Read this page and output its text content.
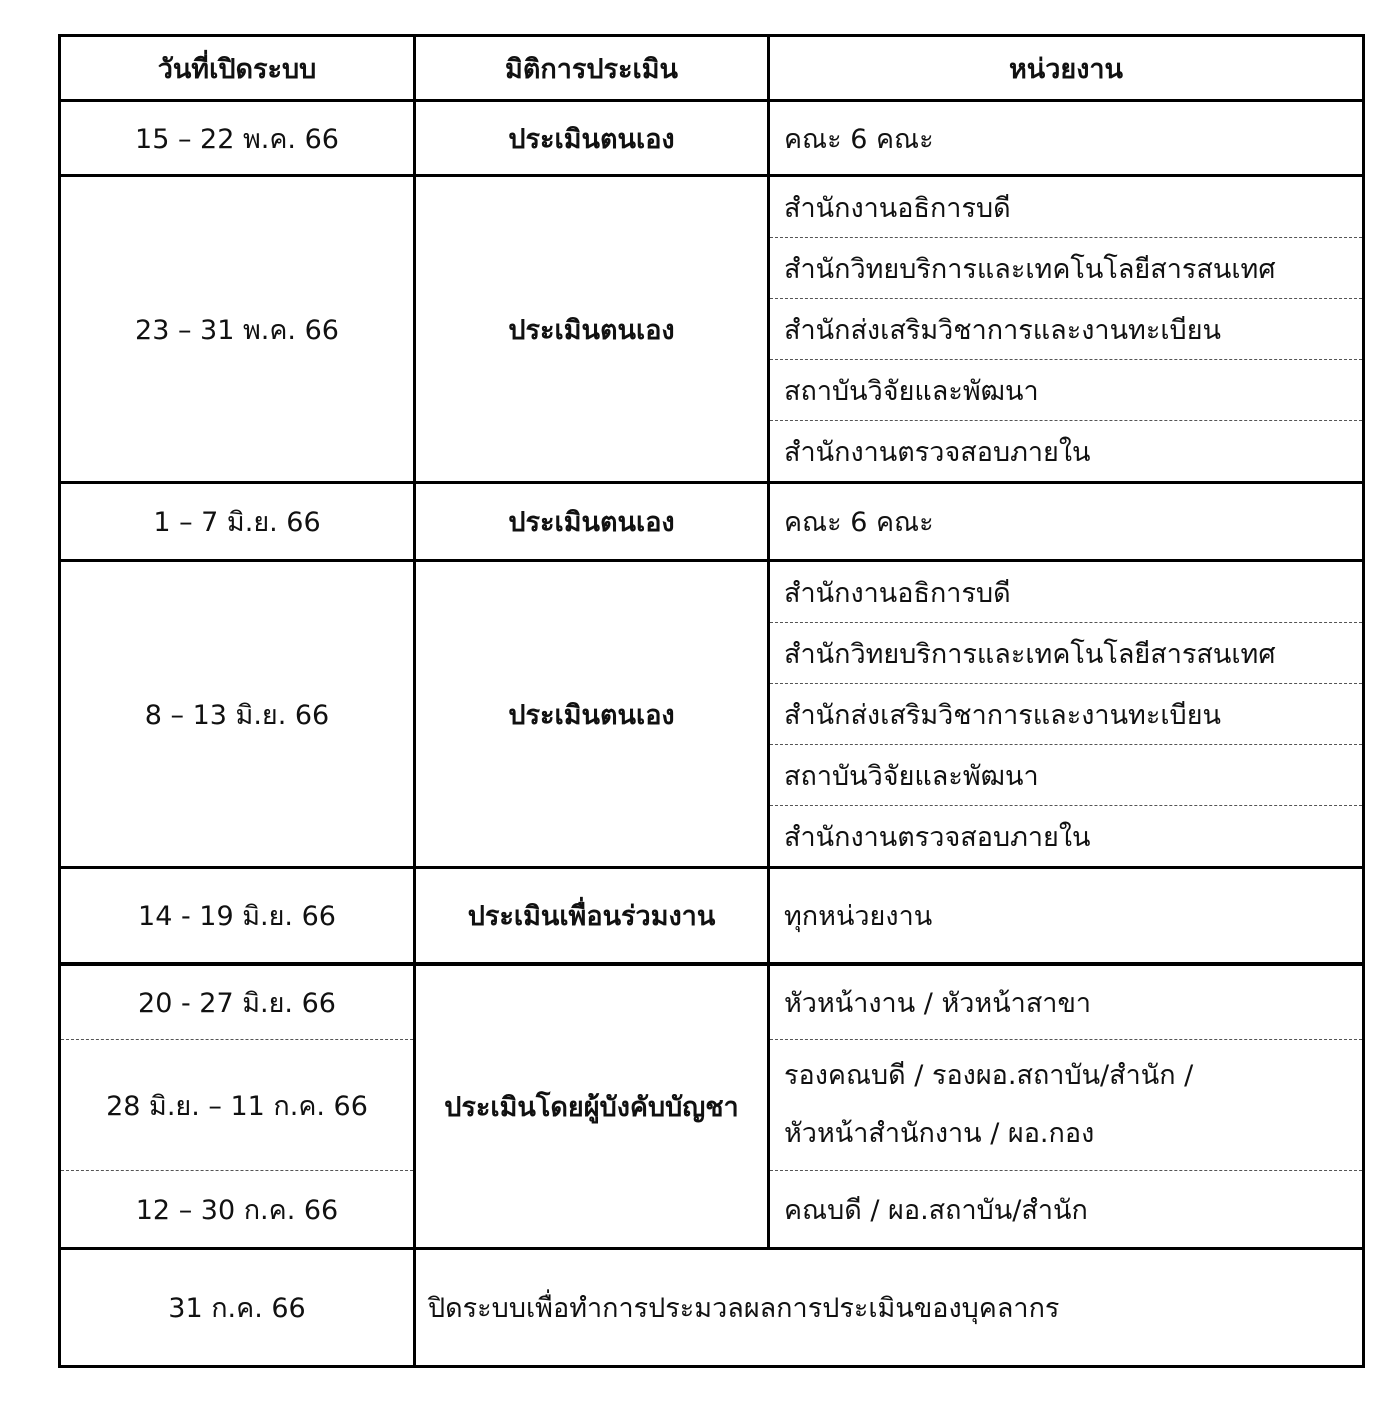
วันที่เปิดระบบ	มิติการประเมิน	หน่วยงาน
15 – 22 พ.ค. 66	ประเมินตนเอง	คณะ 6 คณะ
23 – 31 พ.ค. 66	ประเมินตนเอง	สำนักงานอธิการบดี
สำนักวิทยบริการและเทคโนโลยีสารสนเทศ
สำนักส่งเสริมวิชาการและงานทะเบียน
สถาบันวิจัยและพัฒนา
สำนักงานตรวจสอบภายใน

1 – 7 มิ.ย. 66	ประเมินตนเอง	คณะ 6 คณะ
8 – 13 มิ.ย. 66	ประเมินตนเอง	สำนักงานอธิการบดี
สำนักวิทยบริการและเทคโนโลยีสารสนเทศ
สำนักส่งเสริมวิชาการและงานทะเบียน
สถาบันวิจัยและพัฒนา
สำนักงานตรวจสอบภายใน

14 - 19 มิ.ย. 66	ประเมินเพื่อนร่วมงาน	ทุกหน่วยงาน
20 - 27 มิ.ย. 66	ประเมินโดยผู้บังคับบัญชา	หัวหน้างาน / หัวหน้าสาขา
28 มิ.ย. – 11 ก.ค. 66		รองคณบดี / รองผอ.สถาบัน/สำนัก /
หัวหน้าสำนักงาน / ผอ.กอง

12 – 30 ก.ค. 66		คณบดี / ผอ.สถาบัน/สำนัก
31 ก.ค. 66	ปิดระบบเพื่อทำการประมวลผลการประเมินของบุคลากร	
